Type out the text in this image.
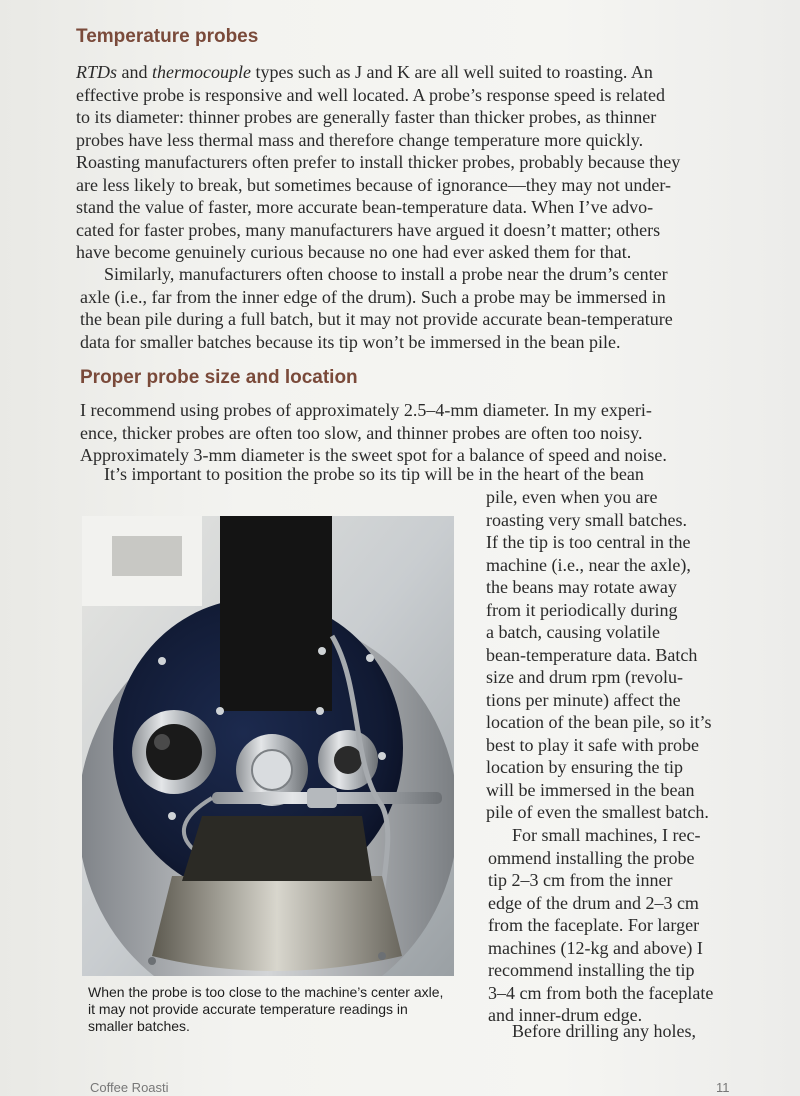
Temperature probes
RTDs and thermocouple types such as J and K are all well suited to roasting. An
effective probe is responsive and well located. A probe’s response speed is related
to its diameter: thinner probes are generally faster than thicker probes, as thinner
probes have less thermal mass and therefore change temperature more quickly.
Roasting manufacturers often prefer to install thicker probes, probably because they
are less likely to break, but sometimes because of ignorance—they may not under-
stand the value of faster, more accurate bean-temperature data. When I’ve advo-
cated for faster probes, many manufacturers have argued it doesn’t matter; others
have become genuinely curious because no one had ever asked them for that.
Similarly, manufacturers often choose to install a probe near the drum’s center
axle (i.e., far from the inner edge of the drum). Such a probe may be immersed in
the bean pile during a full batch, but it may not provide accurate bean-temperature
data for smaller batches because its tip won’t be immersed in the bean pile.
Proper probe size and location
I recommend using probes of approximately 2.5–4-mm diameter. In my experi-
ence, thicker probes are often too slow, and thinner probes are often too noisy.
Approximately 3-mm diameter is the sweet spot for a balance of speed and noise.
It’s important to position the probe so its tip will be in the heart of the bean
pile, even when you are
roasting very small batches.
If the tip is too central in the
machine (i.e., near the axle),
the beans may rotate away
from it periodically during
a batch, causing volatile
bean-temperature data. Batch
size and drum rpm (revolu-
tions per minute) affect the
location of the bean pile, so it’s
best to play it safe with probe
location by ensuring the tip
will be immersed in the bean
pile of even the smallest batch.
For small machines, I rec-
ommend installing the probe
tip 2–3 cm from the inner
edge of the drum and 2–3 cm
from the faceplate. For larger
machines (12-kg and above) I
recommend installing the tip
3–4 cm from both the faceplate
and inner-drum edge.
Before drilling any holes,

When the probe is too close to the machine’s center axle,
it may not provide accurate temperature readings in
smaller batches.

Coffee Roasti	11
